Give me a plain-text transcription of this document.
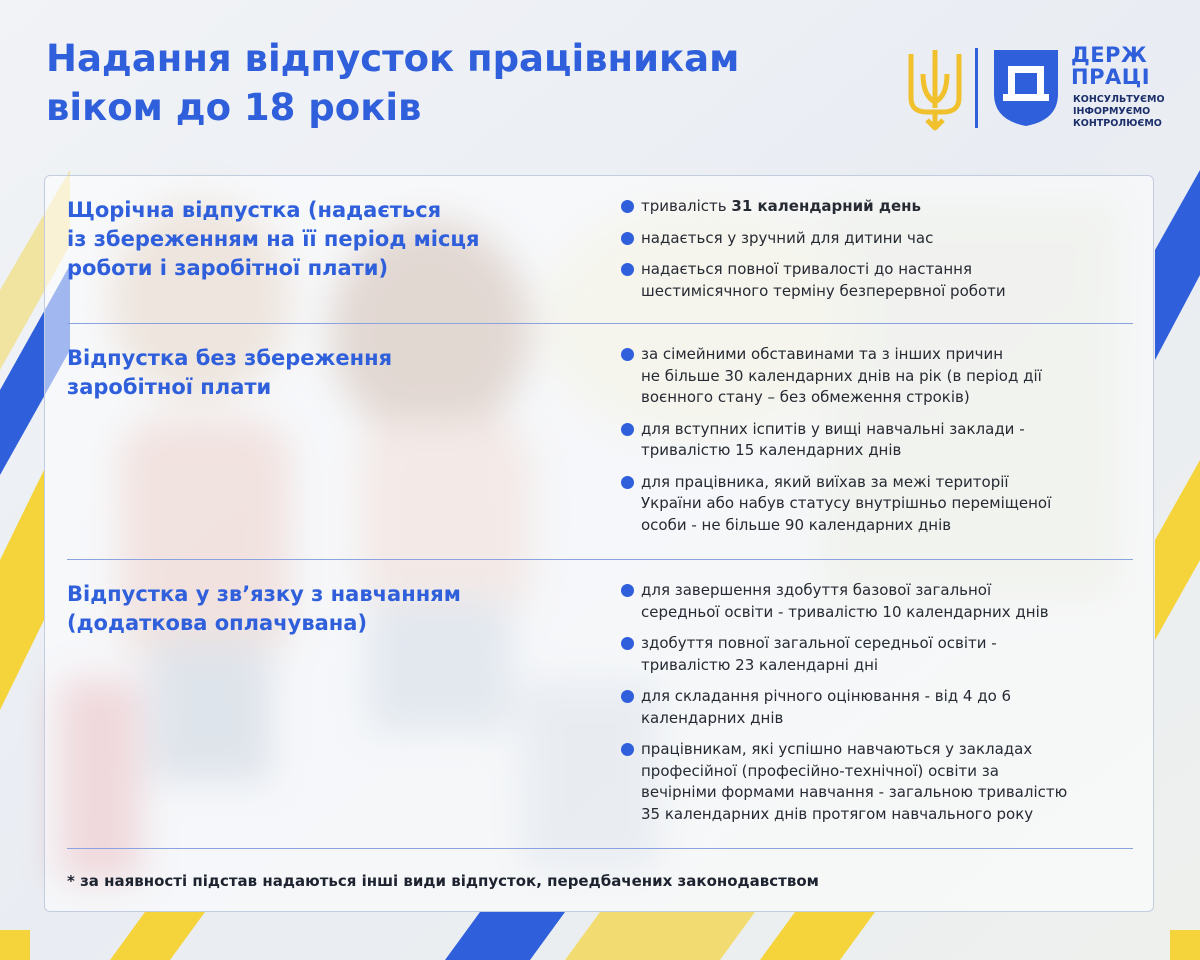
Надання відпусток працівникам
віком до 18 років
ДЕРЖ
ПРАЦІ
КОНСУЛЬТУЄМО
ІНФОРМУЄМО
КОНТРОЛЮЄМО
Щорічна відпустка (надається
із збереженням на її період місця
роботи і заробітної плати)
тривалість 31 календарний день
надається у зручний для дитини час
надається повної тривалості до настання
шестимісячного терміну безперервної роботи
Відпустка без збереження
заробітної плати
за сімейними обставинами та з інших причин
не більше 30 календарних днів на рік (в період дії
воєнного стану – без обмеження строків)
для вступних іспитів у вищі навчальні заклади -
тривалістю 15 календарних днів
для працівника, який виїхав за межі території
України або набув статусу внутрішньо переміщеної
особи - не більше 90 календарних днів
Відпустка у зв’язку з навчанням
(додаткова оплачувана)
для завершення здобуття базової загальної
середньої освіти - тривалістю 10 календарних днів
здобуття повної загальної середньої освіти -
тривалістю 23 календарні дні
для складання річного оцінювання - від 4 до 6
календарних днів
працівникам, які успішно навчаються у закладах
професійної (професійно-технічної) освіти за
вечірніми формами навчання - загальною тривалістю
35 календарних днів протягом навчального року
* за наявності підстав надаються інші види відпусток, передбачених законодавством
